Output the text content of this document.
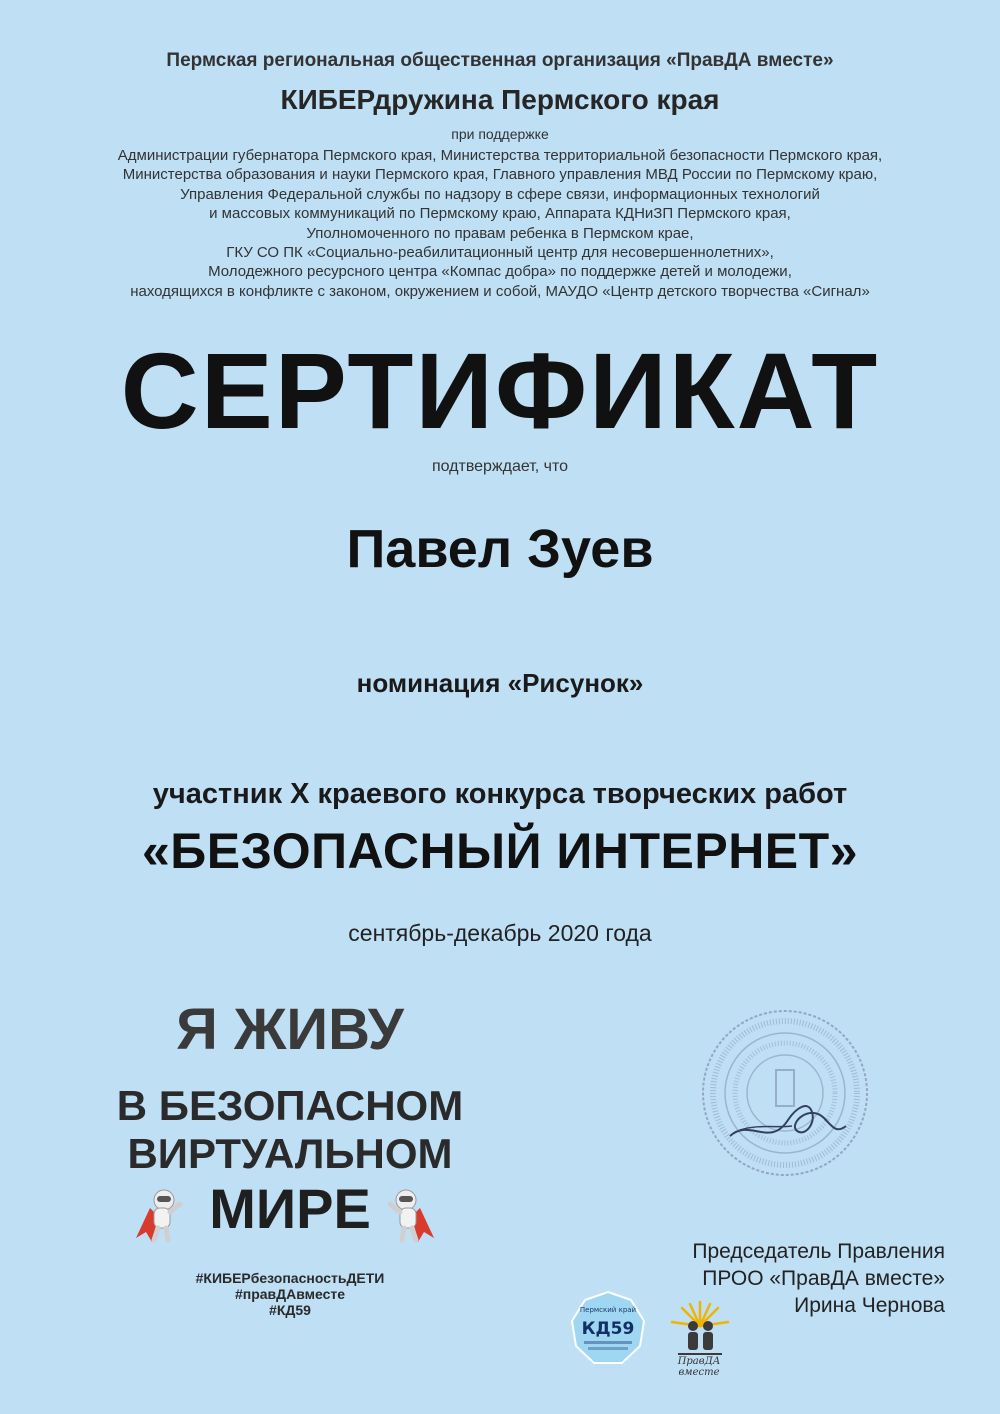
Пермская региональная общественная организация «ПравДА вместе»
КИБЕРдружина Пермского края
при поддержке
Администрации губернатора Пермского края, Министерства территориальной безопасности Пермского края,
Министерства образования и науки Пермского края, Главного управления МВД России по Пермскому краю,
Управления Федеральной службы по надзору в сфере связи, информационных технологий
и массовых коммуникаций по Пермскому краю, Аппарата КДНиЗП Пермского края,
Уполномоченного по правам ребенка в Пермском крае,
ГКУ СО ПК «Социально-реабилитационный центр для несовершеннолетних»,
Молодежного ресурсного центра «Компас добра» по поддержке детей и молодежи,
находящихся в конфликте с законом, окружением и собой, МАУДО «Центр детского творчества «Сигнал»
СЕРТИФИКАТ
подтверждает, что
Павел Зуев
номинация «Рисунок»
участник X краевого конкурса творческих работ
«БЕЗОПАСНЫЙ ИНТЕРНЕТ»
сентябрь-декабрь 2020 года
Я ЖИВУ
В БЕЗОПАСНОМ
ВИРТУАЛЬНОМ
МИРЕ
#КИБЕРбезопасностьДЕТИ
#правДАвместе
#КД59
Председатель Правления
ПРОО «ПравДА вместе»
Ирина Чернова
Пермский край
КД59
ПравДА вместе
